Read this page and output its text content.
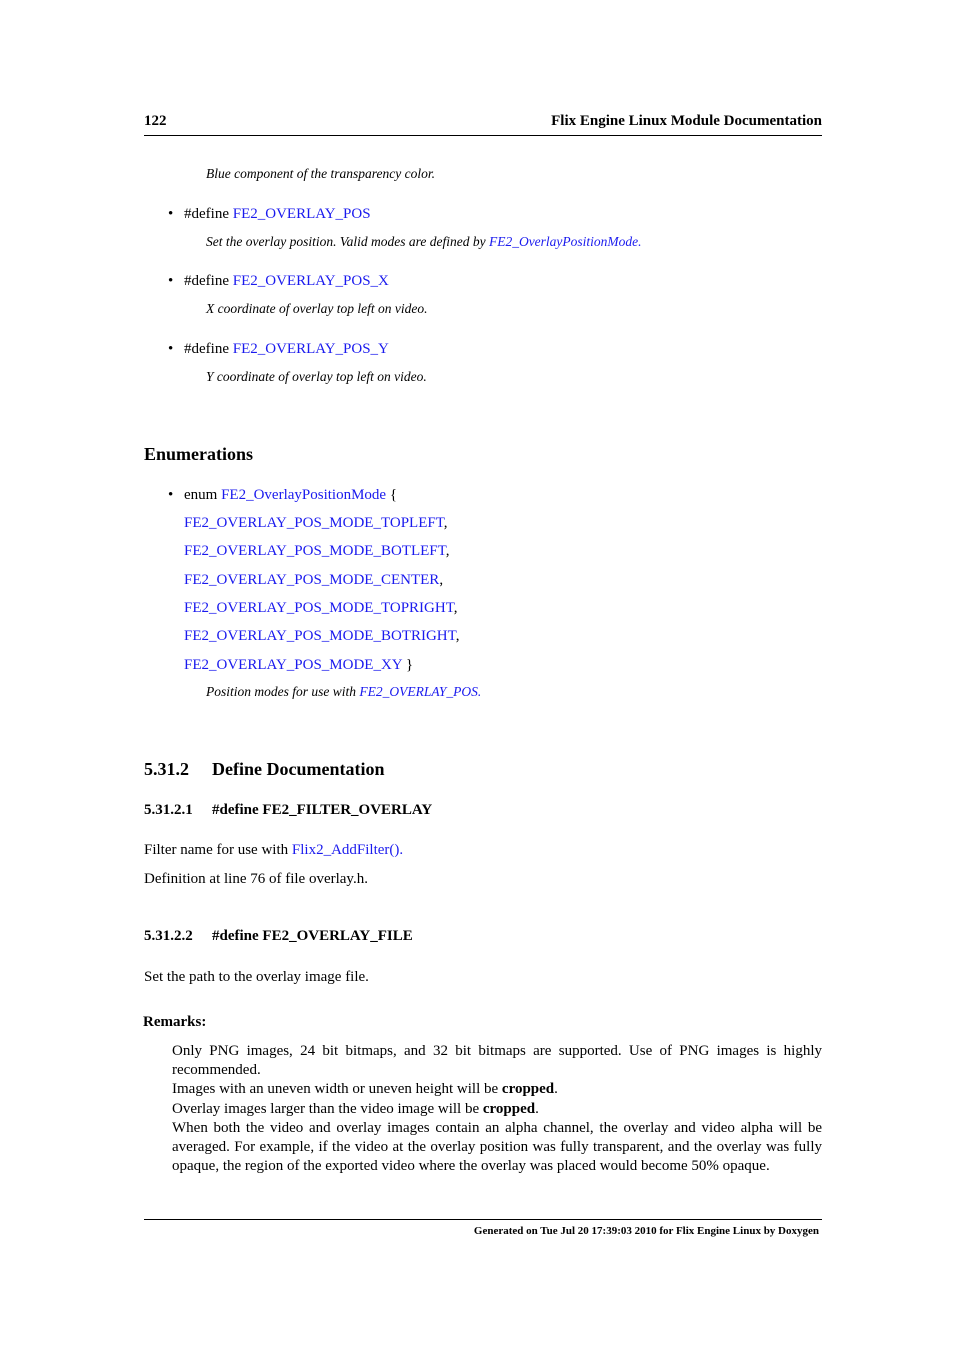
122	Flix Engine Linux Module Documentation
Blue component of the transparency color.
• #define FE2_OVERLAY_POS
Set the overlay position. Valid modes are defined by FE2_OverlayPositionMode.
• #define FE2_OVERLAY_POS_X
X coordinate of overlay top left on video.
• #define FE2_OVERLAY_POS_Y
Y coordinate of overlay top left on video.
Enumerations
• enum FE2_OverlayPositionMode {
FE2_OVERLAY_POS_MODE_TOPLEFT,
FE2_OVERLAY_POS_MODE_BOTLEFT,
FE2_OVERLAY_POS_MODE_CENTER,
FE2_OVERLAY_POS_MODE_TOPRIGHT,
FE2_OVERLAY_POS_MODE_BOTRIGHT,
FE2_OVERLAY_POS_MODE_XY }
Position modes for use with FE2_OVERLAY_POS.
5.31.2 Define Documentation
5.31.2.1 #define FE2_FILTER_OVERLAY
Filter name for use with Flix2_AddFilter().
Definition at line 76 of file overlay.h.
5.31.2.2 #define FE2_OVERLAY_FILE
Set the path to the overlay image file.
Remarks:

Only PNG images, 24 bit bitmaps, and 32 bit bitmaps are supported. Use of PNG images is highly recommended.

Images with an uneven width or uneven height will be cropped.

Overlay images larger than the video image will be cropped.

When both the video and overlay images contain an alpha channel, the overlay and video alpha will be averaged. For example, if the video at the overlay position was fully transparent, and the overlay was fully opaque, the region of the exported video where the overlay was placed would become 50% opaque.

Generated on Tue Jul 20 17:39:03 2010 for Flix Engine Linux by Doxygen
